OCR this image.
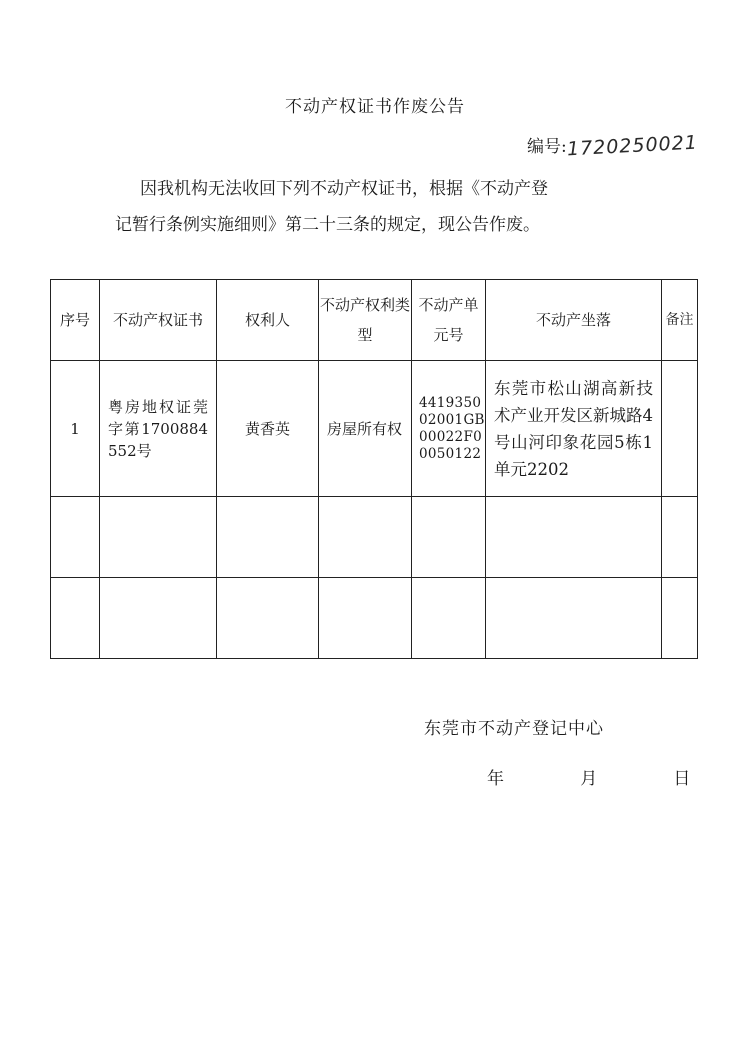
不动产权证书作废公告
编号:1720250021
因我机构无法收回下列不动产权证书，根据《不动产登
记暂行条例实施细则》第二十三条的规定，现公告作废。
序号	不动产权证书	权利人	不动产权利类型	不动产单元号	不动产坐落	备注
1	粤房地权证莞字第1700884552号	黄香英	房屋所有权	441935002001GB00022F00050122	东莞市松山湖高新技术产业开发区新城路4号山河印象花园5栋1单元2202	

东莞市不动产登记中心
年   月   日
